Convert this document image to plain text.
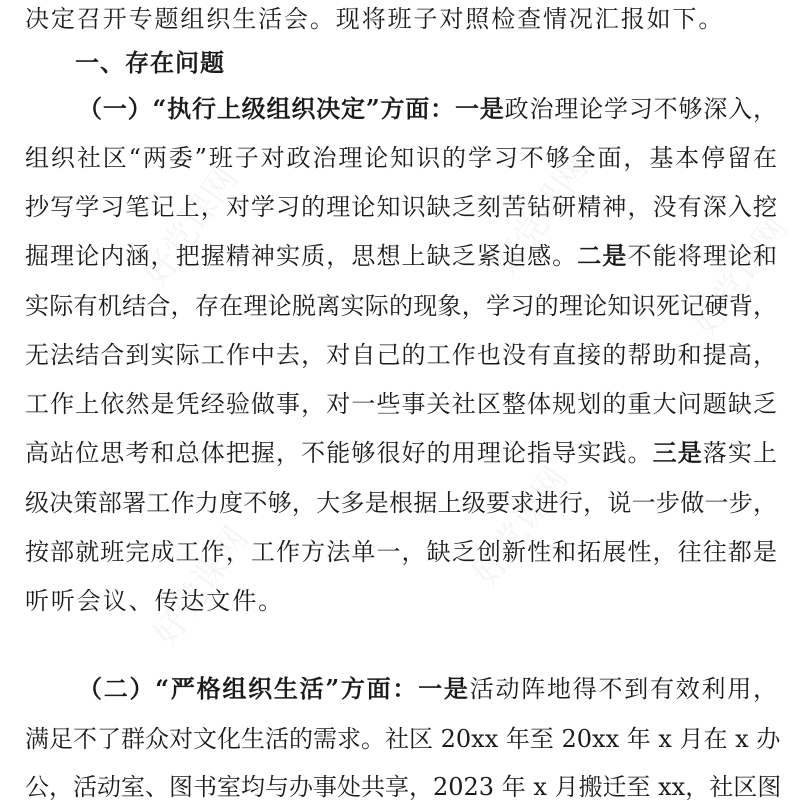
决定召开专题组织生活会。现将班子对照检查情况汇报如下。
一、存在问题
（一）“执行上级组织决定”方面：一是政治理论学习不够深入，
组织社区“两委”班子对政治理论知识的学习不够全面，基本停留在
抄写学习笔记上，对学习的理论知识缺乏刻苦钻研精神，没有深入挖
掘理论内涵，把握精神实质，思想上缺乏紧迫感。二是不能将理论和
实际有机结合，存在理论脱离实际的现象，学习的理论知识死记硬背，
无法结合到实际工作中去，对自己的工作也没有直接的帮助和提高，
工作上依然是凭经验做事，对一些事关社区整体规划的重大问题缺乏
高站位思考和总体把握，不能够很好的用理论指导实践。三是落实上
级决策部署工作力度不够，大多是根据上级要求进行，说一步做一步，
按部就班完成工作，工作方法单一，缺乏创新性和拓展性，往往都是
听听会议、传达文件。
（二）“严格组织生活”方面：一是活动阵地得不到有效利用，
满足不了群众对文化生活的需求。社区 20xx 年至 20xx 年 x 月在 x 办
公，活动室、图书室均与办事处共享，2023 年 x 月搬迁至 xx，社区图
